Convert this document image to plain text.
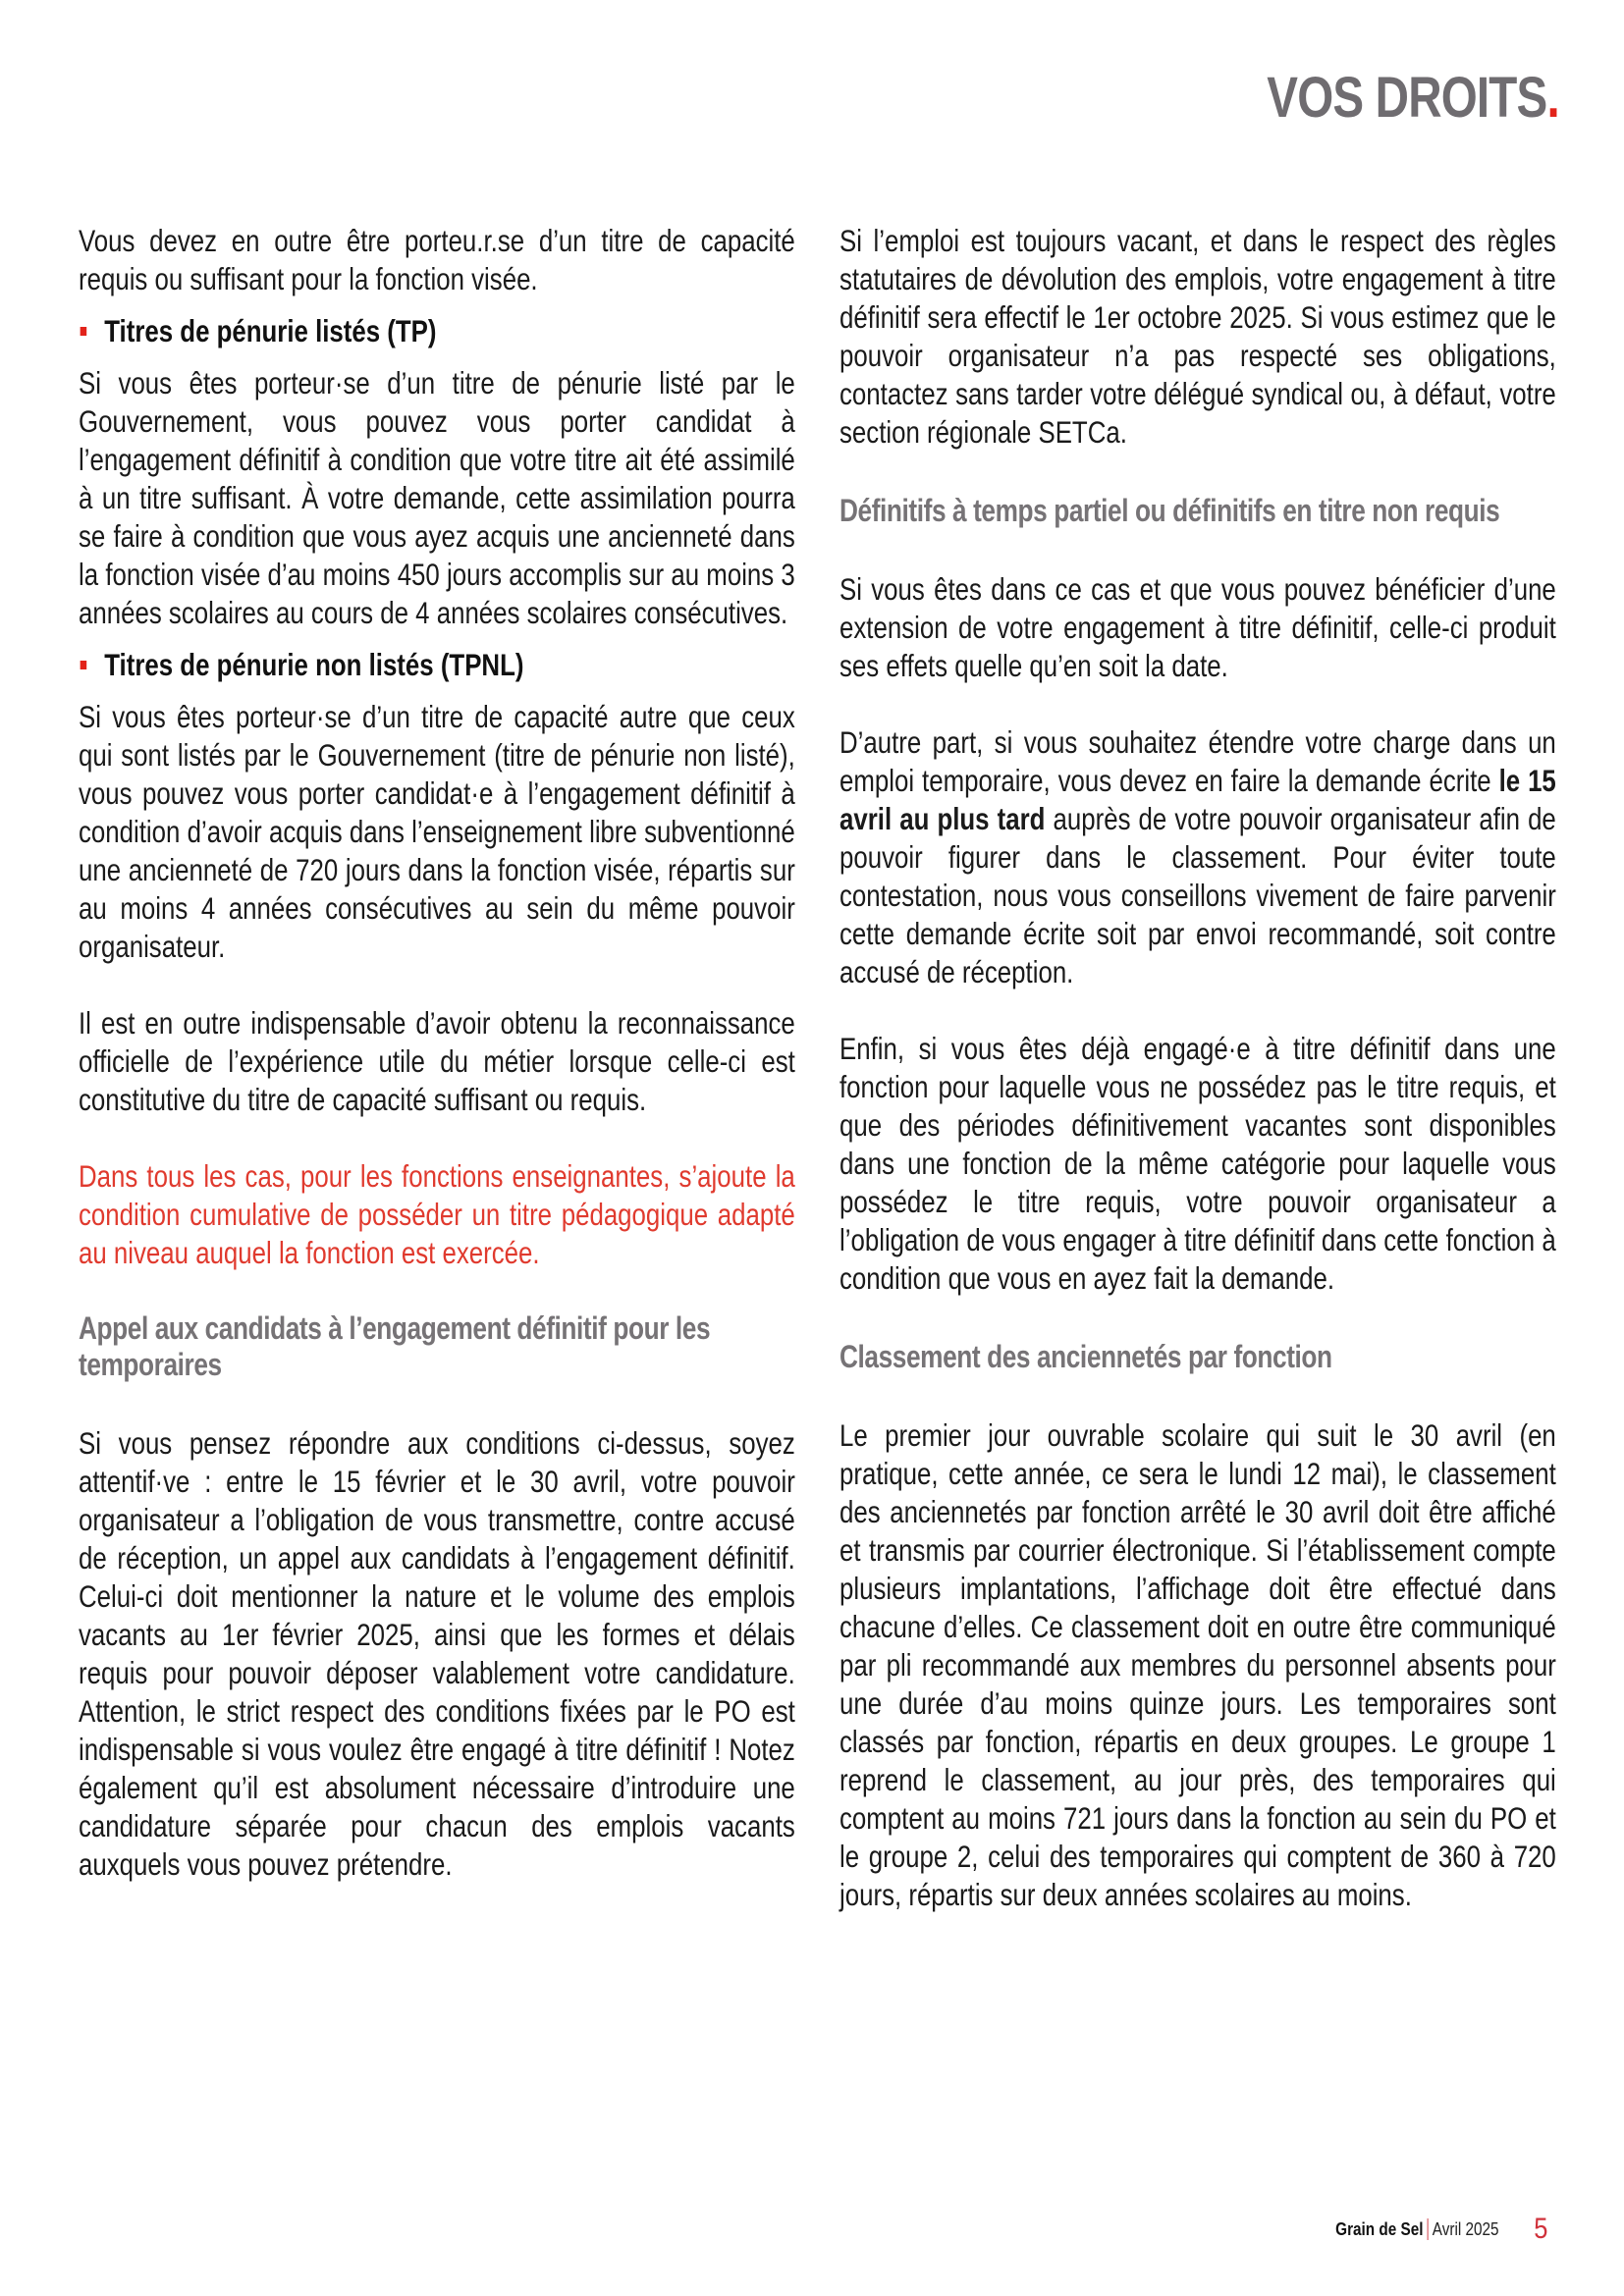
VOS DROITS.

Vous devez en outre être porteu.r.se d’un titre de capacité requis ou suffisant pour la fonction visée.

Titres de pénurie listés (TP)

Si vous êtes porteur·se d’un titre de pénurie listé par le Gouvernement, vous pouvez vous porter candidat à l’engagement définitif à condition que votre titre ait été assimilé à un titre suffisant. À votre demande, cette assimilation pourra se faire à condition que vous ayez acquis une ancienneté dans la fonction visée d’au moins 450 jours accomplis sur au moins 3 années scolaires au cours de 4 années scolaires consécutives.

Titres de pénurie non listés (TPNL)

Si vous êtes porteur·se d’un titre de capacité autre que ceux qui sont listés par le Gouvernement (titre de pénurie non listé), vous pouvez vous porter candidat·e à l’engagement définitif à condition d’avoir acquis dans l’enseignement libre subventionné une ancienneté de 720 jours dans la fonction visée, répartis sur au moins 4 années consécutives au sein du même pouvoir organisateur.

Il est en outre indispensable d’avoir obtenu la reconnaissance officielle de l’expérience utile du métier lorsque celle-ci est constitutive du titre de capacité suffisant ou requis.

Dans tous les cas, pour les fonctions enseignantes, s’ajoute la condition cumulative de posséder un titre pédagogique adapté au niveau auquel la fonction est exercée.

Appel aux candidats à l’engagement définitif pour les temporaires

Si vous pensez répondre aux conditions ci-dessus, soyez attentif·ve : entre le 15 février et le 30 avril, votre pouvoir organisateur a l’obligation de vous transmettre, contre accusé de réception, un appel aux candidats à l’engagement définitif. Celui-ci doit mentionner la nature et le volume des emplois vacants au 1er février 2025, ainsi que les formes et délais requis pour pouvoir déposer valablement votre candidature. Attention, le strict respect des conditions fixées par le PO est indispensable si vous voulez être engagé à titre définitif ! Notez également qu’il est absolument nécessaire d’introduire une candidature séparée pour chacun des emplois vacants auxquels vous pouvez prétendre.

Si l’emploi est toujours vacant, et dans le respect des règles statutaires de dévolution des emplois, votre engagement à titre définitif sera effectif le 1er octobre 2025. Si vous estimez que le pouvoir organisateur n’a pas respecté ses obligations, contactez sans tarder votre délégué syndical ou, à défaut, votre section régionale SETCa.

Définitifs à temps partiel ou définitifs en titre non requis

Si vous êtes dans ce cas et que vous pouvez bénéficier d’une extension de votre engagement à titre définitif, celle-ci produit ses effets quelle qu’en soit la date.

D’autre part, si vous souhaitez étendre votre charge dans un emploi temporaire, vous devez en faire la demande écrite le 15 avril au plus tard auprès de votre pouvoir organisateur afin de pouvoir figurer dans le classement. Pour éviter toute contestation, nous vous conseillons vivement de faire parvenir cette demande écrite soit par envoi recommandé, soit contre accusé de réception.

Enfin, si vous êtes déjà engagé·e à titre définitif dans une fonction pour laquelle vous ne possédez pas le titre requis, et que des périodes définitivement vacantes sont disponibles dans une fonction de la même catégorie pour laquelle vous possédez le titre requis, votre pouvoir organisateur a l’obligation de vous engager à titre définitif dans cette fonction à condition que vous en ayez fait la demande.

Classement des anciennetés par fonction

Le premier jour ouvrable scolaire qui suit le 30 avril (en pratique, cette année, ce sera le lundi 12 mai), le classement des anciennetés par fonction arrêté le 30 avril doit être affiché et transmis par courrier électronique. Si l’établissement compte plusieurs implantations, l’affichage doit être effectué dans chacune d’elles. Ce classement doit en outre être communiqué par pli recommandé aux membres du personnel absents pour une durée d’au moins quinze jours. Les temporaires sont classés par fonction, répartis en deux groupes. Le groupe 1 reprend le classement, au jour près, des temporaires qui comptent au moins 721 jours dans la fonction au sein du PO et le groupe 2, celui des temporaires qui comptent de 360 à 720 jours, répartis sur deux années scolaires au moins.

Grain de Sel Avril 2025 5
